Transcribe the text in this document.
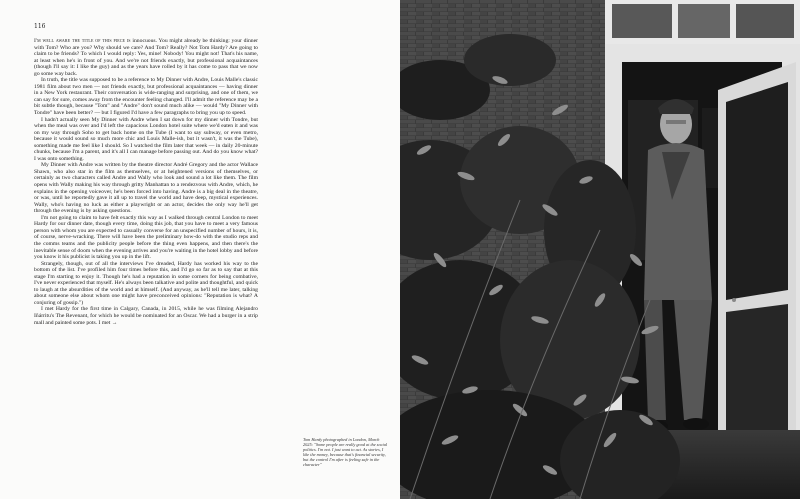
116

I'm well aware the title of this piece is innocuous. You might already be thinking: your dinner with Tom? Who are you? Why should we care? And Tom? Really? Not Tom Hardy? Are going to claim to be friends? To which I would reply: Yes, mine! Nobody! You might not! That's his name, at least when he's in front of you. And we're not friends exactly, but professional acquaintances (though I'll say it: I like the guy) and as the years have rolled by it has come to pass that we now go some way back.

In truth, the title was supposed to be a reference to My Dinner with Andre, Louis Malle's classic 1981 film about two men — not friends exactly, but professional acquaintances — having dinner in a New York restaurant. Their conversation is wide-ranging and surprising, and one of them, we can say for sure, comes away from the encounter feeling changed. I'll admit the reference may be a bit subtle though, because "Tom" and "Andre" don't sound much alike — would "My Dinner with Tondre" have been better? — but I figured I'd have a few paragraphs to bring you up to speed.

I hadn't actually seen My Dinner with Andre when I sat down for my dinner with Tondre, but when the meal was over and I'd left the capacious London hotel suite where we'd eaten it and was on my way through Soho to get back home on the Tube (I want to say subway, or even metro, because it would sound so much more chic and Louis Malle-ish, but it wasn't, it was the Tube), something made me feel like I should. So I watched the film later that week — in daily 20-minute chunks, because I'm a parent, and it's all I can manage before passing out. And do you know what? I was onto something.

My Dinner with Andre was written by the theatre director André Gregory and the actor Wallace Shawn, who also star in the film as themselves, or at heightened versions of themselves, or certainly as two characters called Andre and Wally who look and sound a lot like them. The film opens with Wally making his way through gritty Manhattan to a rendezvous with Andre, which, he explains in the opening voiceover, he's been forced into having. Andre is a big deal in the theatre, or was, until he reportedly gave it all up to travel the world and have deep, mystical experiences. Wally, who's having no luck as either a playwright or an actor, decides the only way he'll get through the evening is by asking questions.

I'm not going to claim to have felt exactly this way as I walked through central London to meet Hardy for our dinner date, though every time, doing this job, that you have to meet a very famous person with whom you are expected to casually converse for an unspecified number of hours, it is, of course, nerve-wracking. There will have been the preliminary how-do with the studio reps and the comms teams and the publicity people before the thing even happens, and then there's the inevitable sense of doom when the evening arrives and you're waiting in the hotel lobby and before you know it his publicist is taking you up in the lift.

Strangely, though, out of all the interviews I've dreaded, Hardy has worked his way to the bottom of the list. I've profiled him four times before this, and I'd go so far as to say that at this stage I'm starting to enjoy it. Though he's had a reputation in some corners for being combative, I've never experienced that myself. He's always been talkative and polite and thoughtful, and quick to laugh at the absurdities of the world and at himself. (And anyway, as he'll tell me later, talking about someone else about whom one might have preconceived opinions: "Reputation is what? A conjuring of gossip.")

I met Hardy for the first time in Calgary, Canada, in 2015, while he was filming Alejandro Iñárritu's The Revenant, for which he would be nominated for an Oscar. We had a burger in a strip mall and painted some pots. I met →

Tom Hardy photographed in London, March 2025: "Some people are really good at the social politics. I'm not. I just want to act. As stories, I like the money, because that's financial security, but the control I'm after is feeling safe in the character"
